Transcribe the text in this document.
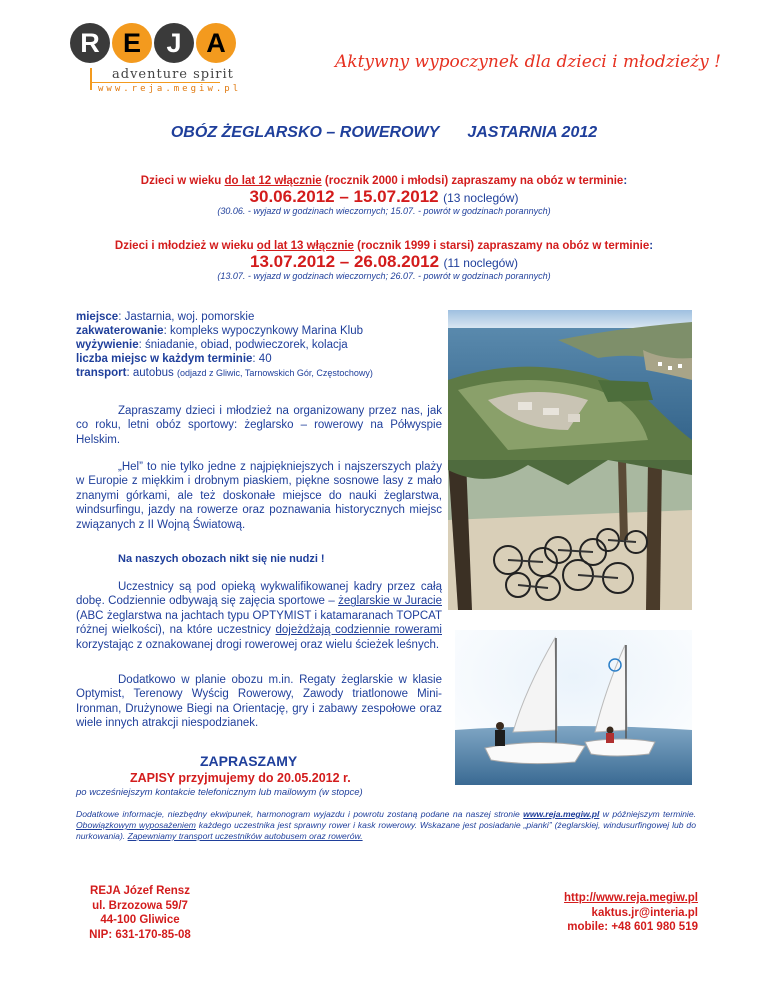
R E J A
adventure spirit
www.reja.megiw.pl
Aktywny wypoczynek dla dzieci i młodzieży !
OBÓZ ŻEGLARSKO – ROWEROWY JASTARNIA 2012
Dzieci w wieku do lat 12 włącznie (rocznik 2000 i młodsi) zapraszamy na obóz w terminie:
30.06.2012 – 15.07.2012 (13 noclegów)
(30.06. - wyjazd w godzinach wieczornych; 15.07. - powrót w godzinach porannych)
Dzieci i młodzież w wieku od lat 13 włącznie (rocznik 1999 i starsi) zapraszamy na obóz w terminie:
13.07.2012 – 26.08.2012 (11 noclegów)
(13.07. - wyjazd w godzinach wieczornych; 26.07. - powrót w godzinach porannych)
miejsce: Jastarnia, woj. pomorskie
zakwaterowanie: kompleks wypoczynkowy Marina Klub
wyżywienie: śniadanie, obiad, podwieczorek, kolacja
liczba miejsc w każdym terminie: 40
transport: autobus (odjazd z Gliwic, Tarnowskich Gór, Częstochowy)
Zapraszamy dzieci i młodzież na organizowany przez nas, jak co roku, letni obóz sportowy: żeglarsko – rowerowy na Półwyspie Helskim.
„Hel” to nie tylko jedne z najpiękniejszych i najszerszych plaży w Europie z miękkim i drobnym piaskiem, piękne sosnowe lasy z mało znanymi górkami, ale też doskonałe miejsce do nauki żeglarstwa, windsurfingu, jazdy na rowerze oraz poznawania historycznych miejsc związanych z II Wojną Światową.
Na naszych obozach nikt się nie nudzi !
Uczestnicy są pod opieką wykwalifikowanej kadry przez całą dobę. Codziennie odbywają się zajęcia sportowe – żeglarskie w Juracie (ABC żeglarstwa na jachtach typu OPTYMIST i katamaranach TOPCAT różnej wielkości), na które uczestnicy dojeżdżają codziennie rowerami korzystając z oznakowanej drogi rowerowej oraz wielu ścieżek leśnych.
Dodatkowo w planie obozu m.in. Regaty żeglarskie w klasie Optymist, Terenowy Wyścig Rowerowy, Zawody triatlonowe Mini-Ironman, Drużynowe Biegi na Orientację, gry i zabawy zespołowe oraz wiele innych atrakcji niespodzianek.
ZAPRASZAMY
ZAPISY przyjmujemy do 20.05.2012 r.
po wcześniejszym kontakcie telefonicznym lub mailowym (w stopce)
Dodatkowe informacje, niezbędny ekwipunek, harmonogram wyjazdu i powrotu zostaną podane na naszej stronie www.reja.megiw.pl w późniejszym terminie. Obowiązkowym wyposażeniem każdego uczestnika jest sprawny rower i kask rowerowy. Wskazane jest posiadanie „pianki” (żeglarskiej, windusurfingowej lub do nurkowania). Zapewniamy transport uczestników autobusem oraz rowerów.
REJA Józef Rensz
ul. Brzozowa 59/7
44-100 Gliwice
NIP: 631-170-85-08
http://www.reja.megiw.pl
kaktus.jr@interia.pl
mobile: +48 601 980 519
